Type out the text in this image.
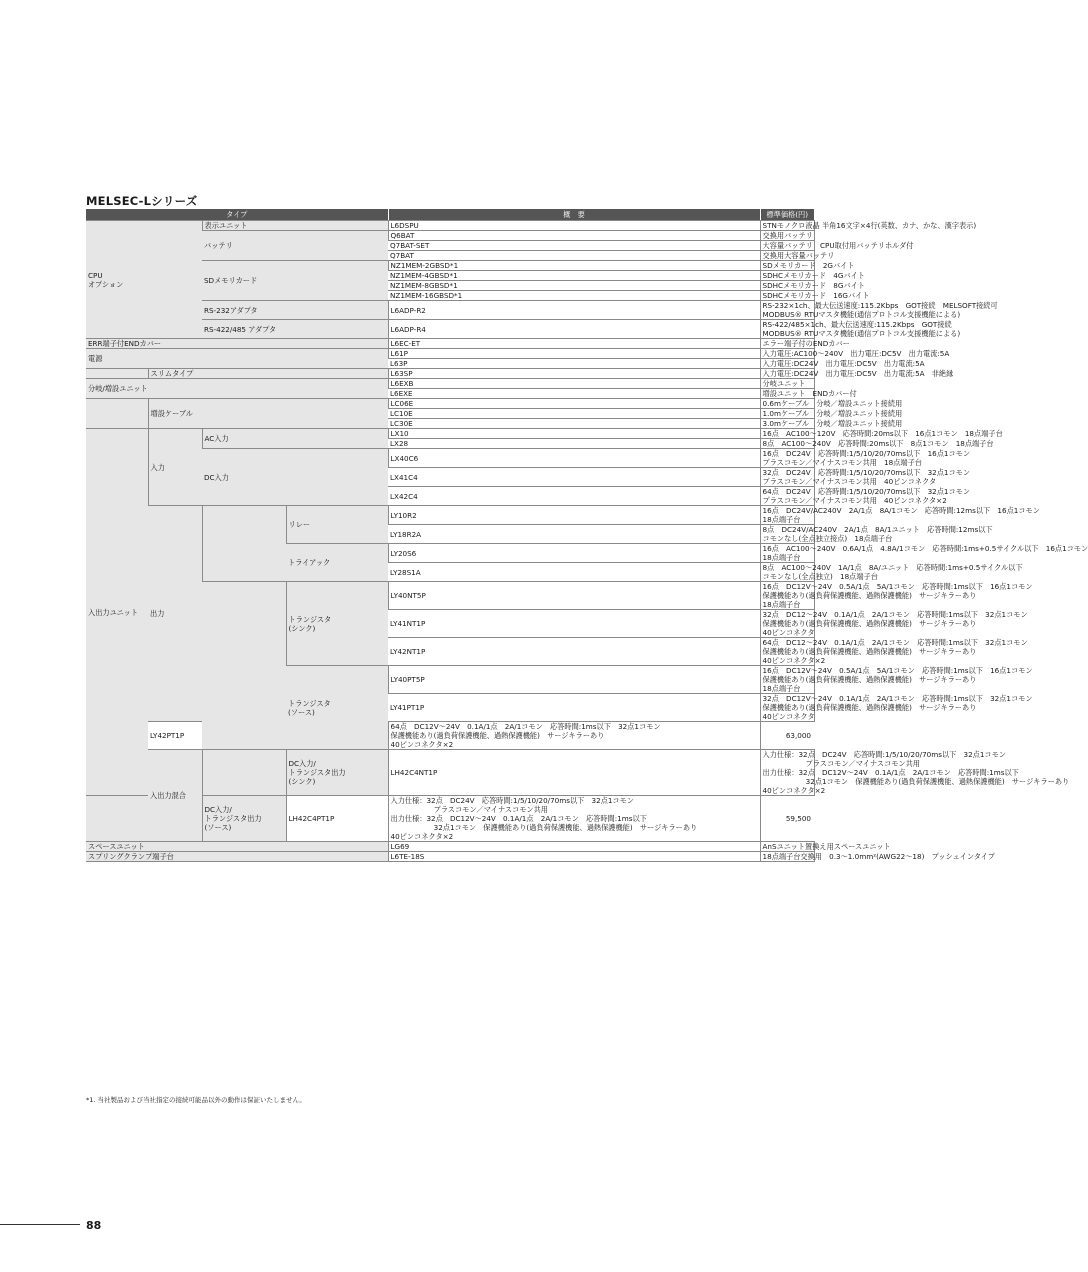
MELSEC-Lシリーズ
タイプ				概　要	標準価格(円)	
CPU
オプション		表示ユニット		L6DSPU	STNモノクロ液晶 半角16文字×4行(英数、カナ、かな、漢字表示)	
		バッテリ		Q6BAT	交換用バッテリ	
				Q7BAT-SET	大容量バッテリ　CPU取付用バッテリホルダ付	
				Q7BAT	交換用大容量バッテリ	
		SDメモリカード		NZ1MEM-2GBSD*1	SDメモリカード　2Gバイト	
				NZ1MEM-4GBSD*1	SDHCメモリカード　4Gバイト	
				NZ1MEM-8GBSD*1	SDHCメモリカード　8Gバイト	
				NZ1MEM-16GBSD*1	SDHCメモリカード　16Gバイト	
		RS-232アダプタ		L6ADP-R2	RS-232×1ch、最大伝送速度:115.2Kbps　GOT接続　MELSOFT接続可
MODBUS® RTUマスタ機能(通信プロトコル支援機能による)	
		RS-422/485 アダプタ		L6ADP-R4	RS-422/485×1ch、最大伝送速度:115.2Kbps　GOT接続
MODBUS® RTUマスタ機能(通信プロトコル支援機能による)	
ERR端子付ENDカバー				L6EC-ET	エラー端子付のENDカバー	
電源				L61P	入力電圧:AC100～240V　出力電圧:DC5V　出力電流:5A	
				L63P	入力電圧:DC24V　出力電圧:DC5V　出力電流:5A	
	スリムタイプ			L63SP	入力電圧:DC24V　出力電圧:DC5V　出力電流:5A　非絶縁	
分岐/増設ユニット				L6EXB	分岐ユニット	
				L6EXE	増設ユニット　ENDカバー付	
	増設ケーブル			LC06E	0.6mケーブル　分岐／増設ユニット接続用	
				LC10E	1.0mケーブル　分岐／増設ユニット接続用	
				LC30E	3.0mケーブル　分岐／増設ユニット接続用	
入出力ユニット	入力	AC入力		LX10	16点　AC100～120V　応答時間:20ms以下　16点1コモン　18点端子台	
				LX28	8点　AC100～240V　応答時間:20ms以下　8点1コモン　18点端子台	
		DC入力		LX40C6	16点　DC24V　応答時間:1/5/10/20/70ms以下　16点1コモン
プラスコモン／マイナスコモン共用　18点端子台	
				LX41C4	32点　DC24V　応答時間:1/5/10/20/70ms以下　32点1コモン
プラスコモン／マイナスコモン共用　40ピンコネクタ	
				LX42C4	64点　DC24V　応答時間:1/5/10/20/70ms以下　32点1コモン
プラスコモン／マイナスコモン共用　40ピンコネクタ×2	
	出力		リレー	LY10R2	16点　DC24V/AC240V　2A/1点　8A/1コモン　応答時間:12ms以下　16点1コモン
18点端子台	
				LY18R2A	8点　DC24V/AC240V　2A/1点　8A/1ユニット　応答時間:12ms以下
コモンなし(全点独立接点)　18点端子台	
			トライアック	LY20S6	16点　AC100～240V　0.6A/1点　4.8A/1コモン　応答時間:1ms+0.5サイクル以下　16点1コモン
18点端子台	
				LY28S1A	8点　AC100～240V　1A/1点　8A/ユニット　応答時間:1ms+0.5サイクル以下
コモンなし(全点独立)　18点端子台	
			トランジスタ
(シンク)	LY40NT5P	16点　DC12V～24V　0.5A/1点　5A/1コモン　応答時間:1ms以下　16点1コモン
保護機能あり(過負荷保護機能、過熱保護機能)　サージキラーあり
18点端子台	
				LY41NT1P	32点　DC12～24V　0.1A/1点　2A/1コモン　応答時間:1ms以下　32点1コモン
保護機能あり(過負荷保護機能、過熱保護機能)　サージキラーあり
40ピンコネクタ	
				LY42NT1P	64点　DC12～24V　0.1A/1点　2A/1コモン　応答時間:1ms以下　32点1コモン
保護機能あり(過負荷保護機能、過熱保護機能)　サージキラーあり
40ピンコネクタ×2	
			トランジスタ
(ソース)	LY40PT5P	16点　DC12V～24V　0.5A/1点　5A/1コモン　応答時間:1ms以下　16点1コモン
保護機能あり(過負荷保護機能、過熱保護機能)　サージキラーあり
18点端子台	
				LY41PT1P	32点　DC12V～24V　0.1A/1点　2A/1コモン　応答時間:1ms以下　32点1コモン
保護機能あり(過負荷保護機能、過熱保護機能)　サージキラーあり
40ピンコネクタ	
	LY42PT1P			64点　DC12V～24V　0.1A/1点　2A/1コモン　応答時間:1ms以下　32点1コモン
保護機能あり(過負荷保護機能、過熱保護機能)　サージキラーあり
40ピンコネクタ×2	63,000	
	入出力混合		DC入力/
トランジスタ出力
(シンク)	LH42C4NT1P	入力仕様：32点　DC24V　応答時間:1/5/10/20/70ms以下　32点1コモン
　　　　　　プラスコモン／マイナスコモン共用
出力仕様：32点　DC12V～24V　0.1A/1点　2A/1コモン　応答時間:1ms以下
　　　　　　32点1コモン　保護機能あり(過負荷保護機能、過熱保護機能)　サージキラーあり
40ピンコネクタ×2	
		DC入力/
トランジスタ出力
(ソース)	LH42C4PT1P	入力仕様：32点　DC24V　応答時間:1/5/10/20/70ms以下　32点1コモン
　　　　　　プラスコモン／マイナスコモン共用
出力仕様：32点　DC12V～24V　0.1A/1点　2A/1コモン　応答時間:1ms以下
　　　　　　32点1コモン　保護機能あり(過負荷保護機能、過熱保護機能)　サージキラーあり
40ピンコネクタ×2	59,500	
スペースユニット				LG69	AnSユニット置換え用スペースユニット	
スプリングクランプ端子台				L6TE-18S	18点端子台交換用　0.3～1.0mm²(AWG22～18)　プッシュインタイプ	
*1. 当社製品および当社指定の接続可能品以外の動作は保証いたしません。
88
